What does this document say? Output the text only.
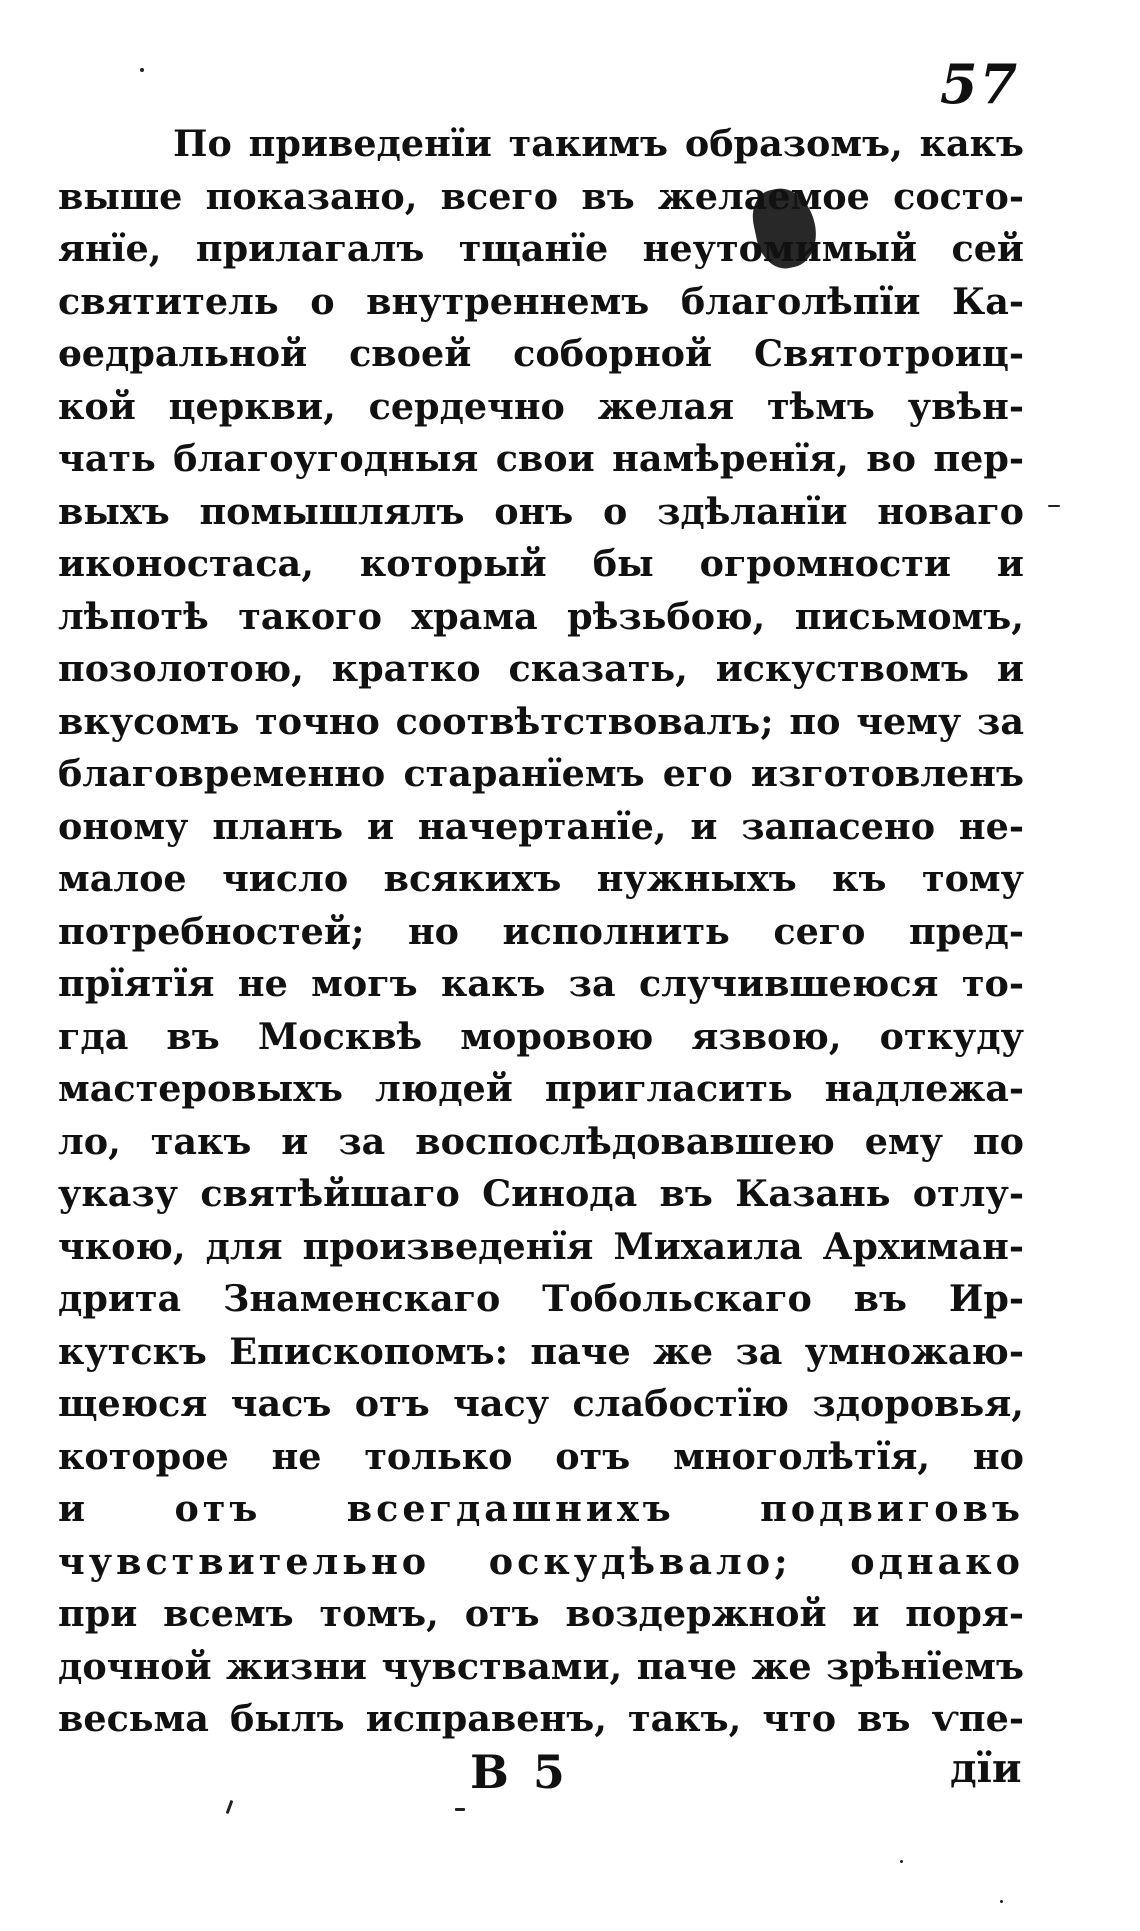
57
По приведенїи такимъ образомъ, какъ
выше показано, всего въ желаемое состо-
янїе, прилагалъ тщанїе неутомимый сей
святитель о внутреннемъ благолѣпїи Ка-
ѳедральной своей соборной Святотроиц-
кой церкви, сердечно желая тѣмъ увѣн-
чать благоугодныя свои намѣренїя, во пер-
выхъ помышлялъ онъ о здѣланїи новаго
иконостаса, который бы огромности и
лѣпотѣ такого храма рѣзьбою, письмомъ,
позолотою, кратко сказать, искуствомъ и
вкусомъ точно соотвѣтствовалъ; по чему за
благовременно старанїемъ его изготовленъ
оному планъ и начертанїе, и запасено не-
малое число всякихъ нужныхъ къ тому
потребностей; но исполнить сего пред-
прїятїя не могъ какъ за случившеюся то-
гда въ Москвѣ моровою язвою, откуду
мастеровыхъ людей пригласить надлежа-
ло, такъ и за воспослѣдовавшею ему по
указу святѣйшаго Синода въ Казань отлу-
чкою, для произведенїя Михаила Архиман-
дрита Знаменскаго Тобольскаго въ Ир-
кутскъ Епископомъ: паче же за умножаю-
щеюся часъ отъ часу слабостїю здоровья,
которое не только отъ многолѣтїя, но
и отъ всегдашнихъ подвиговъ
чувствительно оскудѣвало; однако
при всемъ томъ, отъ воздержной и поря-
дочной жизни чувствами, паче же зрѣнїемъ
весьма былъ исправенъ, такъ, что въ ѵпе-
В 5	дїи
